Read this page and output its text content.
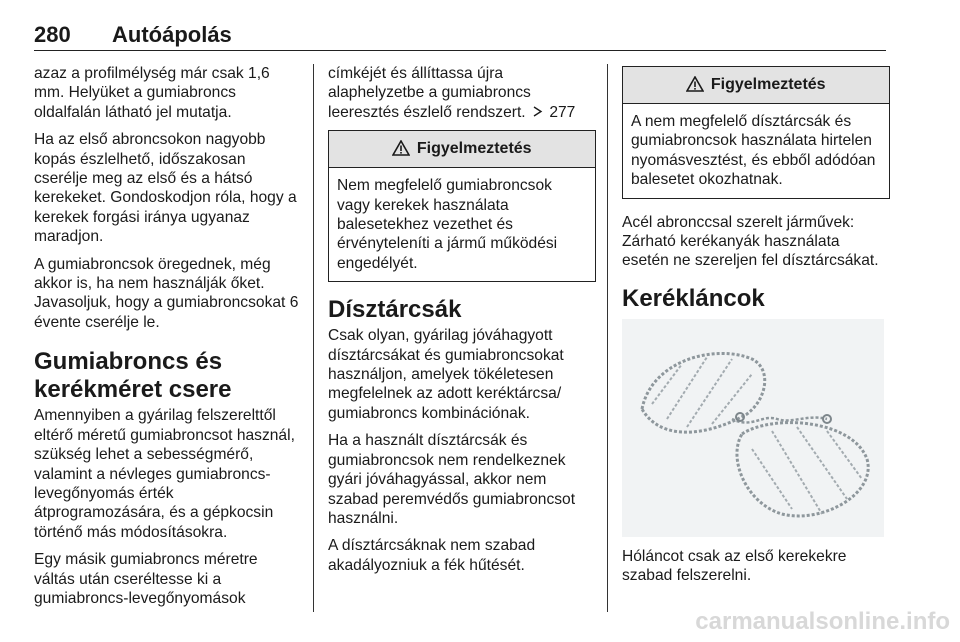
280 Autóápolás

azaz a profilmélység már csak 1,6 mm. Helyüket a gumiabroncs oldalfalán látható jel mutatja.

Ha az első abroncsokon nagyobb kopás észlelhető, időszakosan cserélje meg az első és a hátsó kerekeket. Gondoskodjon róla, hogy a kerekek forgási iránya ugyanaz maradjon.

A gumiabroncsok öregednek, még akkor is, ha nem használják őket. Javasoljuk, hogy a gumiabroncsokat 6 évente cserélje le.

Gumiabroncs és
kerékméret csere

Amennyiben a gyárilag felszerelttől eltérő méretű gumiabroncsot használ, szükség lehet a sebességmérő, valamint a névleges gumiabroncs-levegőnyomás érték átprogramozására, és a gépkocsin történő más módosításokra.

Egy másik gumiabroncs méretre váltás után cseréltesse ki a gumiabroncs-levegőnyomások

címkéjét és állíttassa újra alaphelyzetbe a gumiabroncs leeresztés észlelő rendszert. 277

Figyelmeztetés
Nem megfelelő gumiabroncsok vagy kerekek használata balesetekhez vezethet és érvényteleníti a jármű működési engedélyét.
Dísztárcsák

Csak olyan, gyárilag jóváhagyott dísztárcsákat és gumiabroncsokat használjon, amelyek tökéletesen megfelelnek az adott keréktárcsa/ gumiabroncs kombinációnak.

Ha a használt dísztárcsák és gumiabroncsok nem rendelkeznek gyári jóváhagyással, akkor nem szabad peremvédős gumiabroncsot használni.

A dísztárcsáknak nem szabad akadályozniuk a fék hűtését.

Figyelmeztetés
A nem megfelelő dísztárcsák és gumiabroncsok használata hirtelen nyomásvesztést, és ebből adódóan balesetet okozhatnak.

Acél abronccsal szerelt járművek: Zárható kerékanyák használata esetén ne szereljen fel dísztárcsákat.

Kerékláncok

Hóláncot csak az első kerekekre szabad felszerelni.

carmanualsonline.info
